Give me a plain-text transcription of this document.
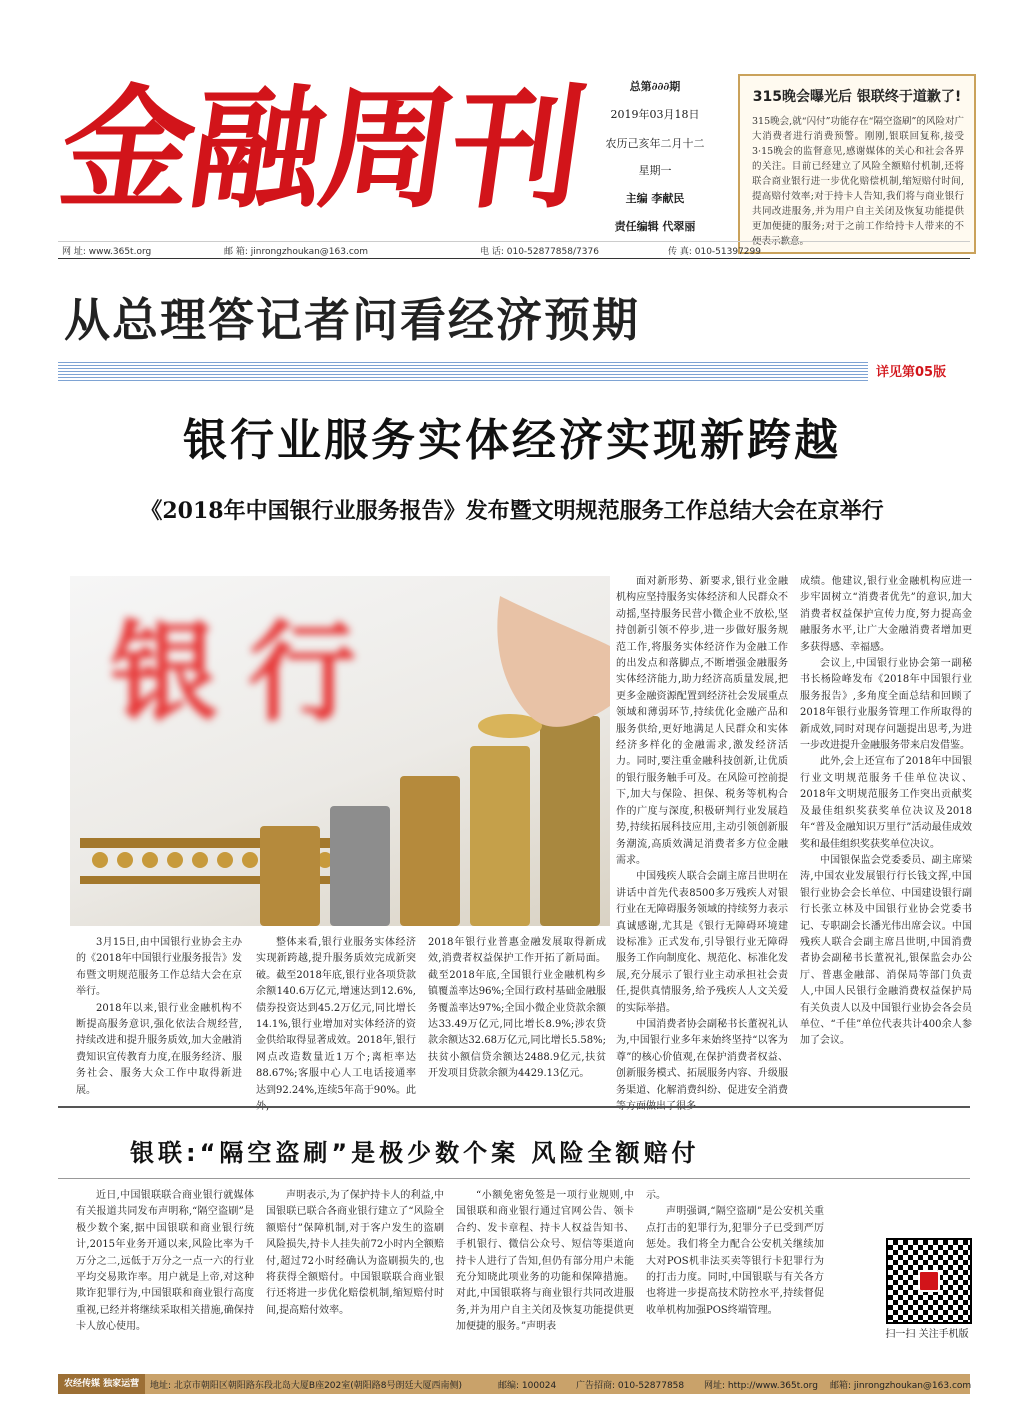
金融周刊	总第∂∂∂期
2019年03月18日
农历己亥年二月十二
星期一
主编 李献民
责任编辑 代翠丽
315晚会曝光后 银联终于道歉了!
315晚会,就“闪付”功能存在“隔空盗刷”的风险对广大消费者进行消费预警。刚刚,银联回复称,接受3·15晚会的监督意见,感谢媒体的关心和社会各界的关注。目前已经建立了风险全额赔付机制,还将联合商业银行进一步优化赔偿机制,缩短赔付时间,提高赔付效率;对于持卡人告知,我们将与商业银行共同改进服务,并为用户自主关闭及恢复功能提供更加便捷的服务;对于之前工作给持卡人带来的不便表示歉意。
网 址: www.365t.org	邮 箱: jinrongzhoukan@163.com	电 话: 010-52877858/7376	传 真: 010-51397299
从总理答记者问看经济预期
详见第05版
银行业服务实体经济实现新跨越
《2018年中国银行业服务报告》发布暨文明规范服务工作总结大会在京举行
银行

3月15日,由中国银行业协会主办的《2018年中国银行业服务报告》发布暨文明规范服务工作总结大会在京举行。

2018年以来,银行业金融机构不断提高服务意识,强化依法合规经营,持续改进和提升服务质效,加大金融消费知识宣传教育力度,在服务经济、服务社会、服务大众工作中取得新进展。

整体来看,银行业服务实体经济实现新跨越,提升服务质效完成新突破。截至2018年底,银行业各项贷款余额140.6万亿元,增速达到12.6%,债券投资达到45.2万亿元,同比增长14.1%,银行业增加对实体经济的资金供给取得显著成效。2018年,银行网点改造数量近1万个;离柜率达88.67%;客服中心人工电话接通率达到92.24%,连续5年高于90%。此

2018年银行业普惠金融发展取得新成效,消费者权益保护工作开拓了新局面。截至2018年底,全国银行业金融机构乡镇覆盖率达96%;全国行政村基础金融服务覆盖率达97%;全国小微企业贷款余额达33.49万亿元,同比增长8.9%;涉农贷款余额达32.68万亿元,同比增长5.58%;扶贫小额信贷余额达2488.9亿元,扶贫开发项目贷款余额为4429.13亿元。

面对新形势、新要求,银行业金融机构应坚持服务实体经济和人民群众不动摇,坚持服务民营小微企业不放松,坚持创新引领不停步,进一步做好服务规范工作,将服务实体经济作为金融工作的出发点和落脚点,不断增强金融服务实体经济能力,助力经济高质量发展,把更多金融资源配置到经济社会发展重点领域和薄弱环节,持续优化金融产品和服务供给,更好地满足人民群众和实体经济多样化的金融需求,激发经济活力。同时,要注重金融科技创新,让优质的银行服务触手可及。在风险可控前提下,加大与保险、担保、税务等机构合作的广度与深度,积极研判行业发展趋势,持续拓展科技应用,主动引领创新服务潮流,高质效满足消费者多方位金融需求。

中国残疾人联合会副主席吕世明在讲话中首先代表8500多万残疾人对银行业在无障碍服务领域的持续努力表示真诚感谢,尤其是《银行无障碍环境建设标准》正式发布,引导银行业无障碍服务工作向制度化、规范化、标准化发展,充分展示了银行业主动承担社会责任,提供真情服务,给予残疾人人文关爱的实际举措。

中国消费者协会副秘书长董祝礼认为,中国银行业多年来始终坚持“以客为尊”的核心价值观,在保护消费者权益、创新服务模式、拓展服务内容、升级服务渠道、化解消费纠纷、促进安全消费

成绩。他建议,银行业金融机构应进一步牢固树立“消费者优先”的意识,加大消费者权益保护宣传力度,努力提高金融服务水平,让广大金融消费者增加更多获得感、幸福感。

会议上,中国银行业协会第一副秘书长杨险峰发布《2018年中国银行业服务报告》,多角度全面总结和回顾了2018年银行业服务管理工作所取得的新成效,同时对现存问题提出思考,为进一步改进提升金融服务带来启发借鉴。

此外,会上还宣布了2018年中国银行业文明规范服务千佳单位决议、2018年文明规范服务工作突出贡献奖及最佳组织奖获奖单位决议及2018年“普及金融知识万里行”活动最佳成效奖和最佳组织奖获奖单位决议。

中国银保监会党委委员、副主席梁涛,中国农业发展银行行长钱文挥,中国银行业协会会长单位、中国建设银行副行长张立林及中国银行业协会党委书记、专职副会长潘光伟出席会议。中国残疾人联合会副主席吕世明,中国消费者协会副秘书长董祝礼,银保监会办公厅、普惠金融部、消保局等部门负责人,中国人民银行金融消费权益保护局有关负责人以及中国银行业协会各会员单位、“千佳”单位代表共计400余人参加了会议。

银联:“隔空盗刷”是极少数个案 风险全额赔付

近日,中国银联联合商业银行就媒体有关报道共同发布声明称,“隔空盗刷”是极少数个案,据中国银联和商业银行统计,2015年业务开通以来,风险比率为千万分之二,远低于万分之一点一六的行业平均交易欺诈率。用户就是上帝,对这种欺诈犯罪行为,中国银联和商业银行高度重视,已经并将继续采取相关措施,确保持卡人放心使用。

声明表示,为了保护持卡人的利益,中国银联已联合各商业银行建立了“风险全额赔付”保障机制,对于客户发生的盗刷风险损失,持卡人挂失前72小时内全额赔付,超过72小时经确认为盗刷损失的,也将获得全额赔付。中国银联联合商业银行还将进一步优化赔偿机制,缩短赔付时间,提高赔付效率。

“小额免密免签是一项行业规则,中国银联和商业银行通过官网公告、领卡合约、发卡章程、持卡人权益告知书、手机银行、微信公众号、短信等渠道向持卡人进行了告知,但仍有部分用户未能充分知晓此项业务的功能和保障措施。对此,中国银联将与商业银行共同改进服务,并为用户自主关闭及恢复功能提供更加便捷的服务。”声明表

示。

声明强调,“隔空盗刷”是公安机关重点打击的犯罪行为,犯罪分子已受到严厉惩处。我们将全力配合公安机关继续加大对POS机非法买卖等银行卡犯罪行为的打击力度。同时,中国银联与有关各方也将进一步提高技术防控水平,持续督促收单机构加强POS终端管理。

扫一扫 关注手机版
农经传媒 独家运营	地址: 北京市朝阳区朝阳路东段北岛大厦B座202室(朝阳路8号朗廷大厦西南侧)	邮编: 100024 广告招商: 010-52877858 网址: http://www.365t.org 邮箱: jinrongzhoukan@163.com
